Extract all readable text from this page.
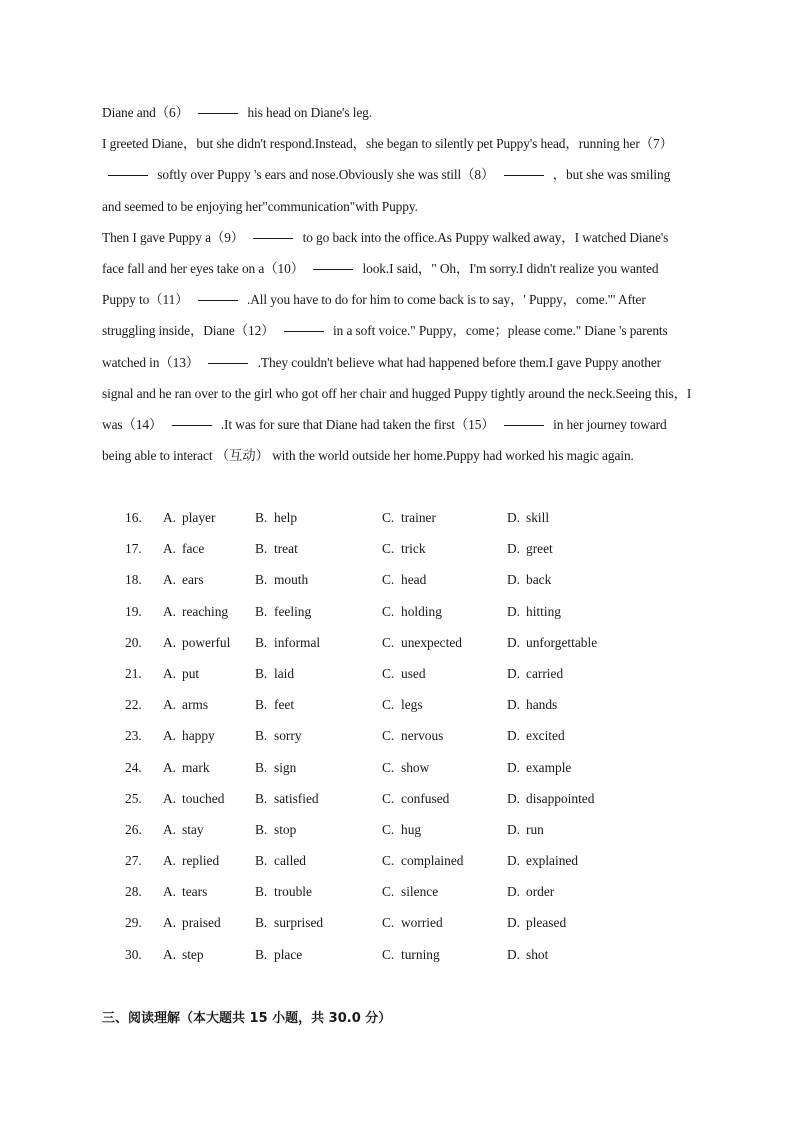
Diane and（6）	his head on Diane's leg.

I greeted Diane，but she didn't respond.Instead，she began to silently pet Puppy's head，running her（7）  softly over Puppy 's ears and nose.Obviously she was still（8）	，but she was smiling and seemed to be enjoying her"communication"with Puppy.

Then I gave Puppy a（9）	to go back into the office.As Puppy walked away，I watched Diane's face fall and her eyes take on a（10）	look.I said，" Oh，I'm sorry.I didn't realize you wanted Puppy to（11）	.All you have to do for him to come back is to say，' Puppy，come.'" After struggling inside，Diane（12）	in a soft voice." Puppy，come；please come." Diane 's parents watched in（13）	.They couldn't believe what had happened before them.I gave Puppy another signal and he ran over to the girl who got off her chair and hugged Puppy tightly around the neck.Seeing this，I was（14）	.It was for sure that Diane had taken the first（15）	in her journey toward being able to interact （互动） with the world outside her home.Puppy had worked his magic again.

16. A. player	B. help	C. trainer	D. skill
17. A. face	B. treat	C. trick	D. greet
18. A. ears	B. mouth	C. head	D. back
19. A. reaching B. feeling	C. holding	D. hitting
20. A. powerful B. informal	C. unexpected	D. unforgettable
21. A. put	B. laid	C. used	D. carried
22. A. arms	B. feet	C. legs	D. hands
23. A. happy	B. sorry	C. nervous	D. excited
24. A. mark	B. sign	C. show	D. example
25. A. touched B. satisfied	C. confused	D. disappointed
26. A. stay	B. stop	C. hug	D. run
27. A. replied	B. called	C. complained	D. explained
28. A. tears	B. trouble	C. silence	D. order
29. A. praised	B. surprised	C. worried	D. pleased
30. A. step	B. place	C. turning	D. shot
三、阅读理解（本大题共 15 小题，共 30.0 分）
